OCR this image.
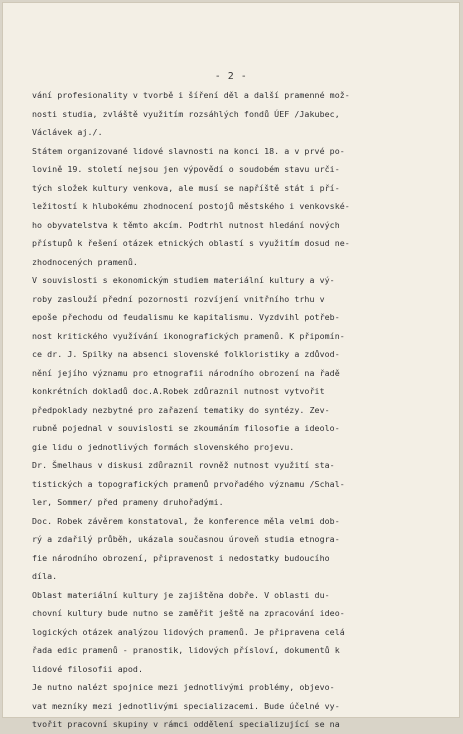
- 2 -
vání profesionality v tvorbě i šíření děl a další pramenné mož-
nosti studia, zvláště využitím rozsáhlých fondů ÚEF /Jakubec,
Václávek aj./.
Státem organizované lidové slavnosti na konci 18. a v prvé po-
lovině 19. století nejsou jen výpovědí o soudobém stavu urči-
tých složek kultury venkova, ale musí se napříště stát i pří-
ležitostí k hlubokému zhodnocení postojů městského i venkovské-
ho obyvatelstva k těmto akcím. Podtrhl nutnost hledání nových
přístupů k řešení otázek etnických oblastí s využitím dosud ne-
zhodnocených pramenů.
V souvislosti s ekonomickým studiem materiální kultury a vý-
roby zaslouží přední pozornosti rozvíjení vnitřního trhu v
epoše přechodu od feudalismu ke kapitalismu. Vyzdvihl potřeb-
nost kritického využívání ikonografických pramenů. K připomín-
ce dr. J. Spilky na absenci slovenské folkloristiky a zdůvod-
nění jejího významu pro etnografii národního obrození na řadě
konkrétních dokladů doc.A.Robek zdůraznil nutnost vytvořit
předpoklady nezbytné pro zařazení tematiky do syntézy. Zev-
rubně pojednal v souvislosti se zkoumáním filosofie a ideolo-
gie lidu o jednotlivých formách slovenského projevu.
Dr. Šmelhaus v diskusi zdůraznil rovněž nutnost využití sta-
tistických a topografických pramenů prvořadého významu /Schal-
ler, Sommer/ před prameny druhořadými.
Doc. Robek závěrem konstatoval, že konference měla velmi dob-
rý a zdařilý průběh, ukázala současnou úroveň studia etnogra-
fie národního obrození, připravenost i nedostatky budoucího
díla.
Oblast materiální kultury je zajištěna dobře. V oblasti du-
chovní kultury bude nutno se zaměřit ještě na zpracování ideo-
logických otázek analýzou lidových pramenů. Je připravena celá
řada edic pramenů - pranostik, lidových přísloví, dokumentů k
lidové filosofii apod.
Je nutno nalézt spojnice mezi jednotlivými problémy, objevo-
vat mezníky mezi jednotlivými specializacemi. Bude účelné vy-
tvořit pracovní skupiny v rámci oddělení specializující se na
